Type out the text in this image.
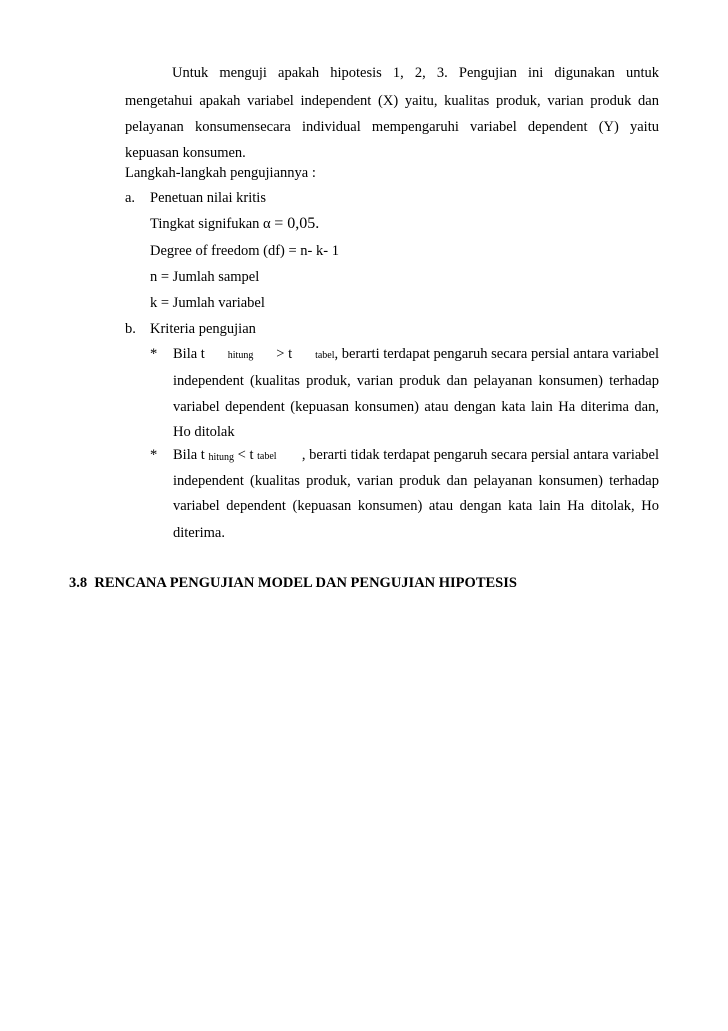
Untuk menguji apakah hipotesis 1, 2, 3. Pengujian ini digunakan untuk
mengetahui apakah variabel independent (X) yaitu, kualitas produk, varian produk dan
pelayanan konsumensecara individual mempengaruhi variabel dependent (Y) yaitu
kepuasan konsumen.
Langkah-langkah pengujiannya :
a. Penetuan nilai kritis
Tingkat signifukan α = 0,05.
Degree of freedom (df) = n- k- 1
n = Jumlah sampel
k = Jumlah variabel
b. Kriteria pengujian
* Bila t hitung > t tabel, berarti terdapat pengaruh secara persial antara variabel
independent (kualitas produk, varian produk dan pelayanan konsumen) terhadap
variabel dependent (kepuasan konsumen) atau dengan kata lain Ha diterima dan,
Ho ditolak
* Bila t hitung < t tabel , berarti tidak terdapat pengaruh secara persial antara variabel
independent (kualitas produk, varian produk dan pelayanan konsumen) terhadap
variabel dependent (kepuasan konsumen) atau dengan kata lain Ha ditolak, Ho
diterima.
3.8 RENCANA PENGUJIAN MODEL DAN PENGUJIAN HIPOTESIS
